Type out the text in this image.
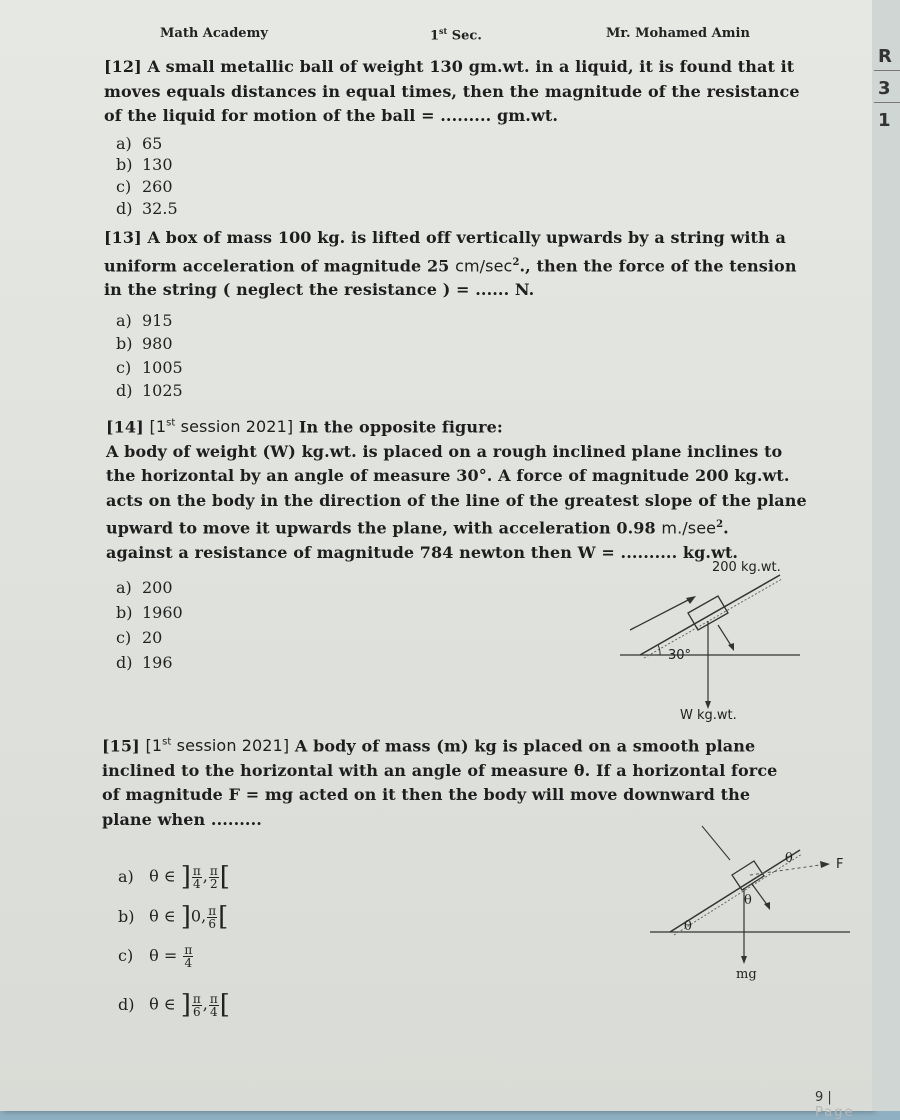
Math Academy	1st Sec.	Mr. Mohamed Amin
[12] A small metallic ball of weight 130 gm.wt. in a liquid, it is found that it
moves equals distances in equal times, then the magnitude of the resistance
of the liquid for motion of the ball = ......... gm.wt.
a) 65
b) 130
c) 260
d) 32.5
[13] A box of mass 100 kg. is lifted off vertically upwards by a string with a
uniform acceleration of magnitude 25 $cm/\sec^2$., then the force of the tension
in the string ( neglect the resistance ) = ...... N.
a) 915
b) 980
c) 1005
d) 1025
[14] [1st session 2021] In the opposite figure:
A body of weight (W) kg.wt. is placed on a rough inclined plane inclines to
the horizontal by an angle of measure 30°. A force of magnitude 200 kg.wt.
acts on the body in the direction of the line of the greatest slope of the plane
upward to move it upwards the plane, with acceleration 0.98 m./see$^2$.
against a resistance of magnitude 784 newton then W = .......... kg.wt.
a) 200
b) 1960
c) 20
d) 196
200 kg.wt.
30°
W kg.wt.
[15] [1st session 2021] A body of mass (m) kg is placed on a smooth plane
inclined to the horizontal with an angle of measure θ. If a horizontal force
of magnitude F = mg acted on it then the body will move downward the
plane when .........
a) θ ∈ ] $\frac{\pi}{4}$ , $\frac{\pi}{2}$ [
b) θ ∈ ]0, $\frac{\pi}{6}$ [
c) $\theta = \frac{\pi}{4}$
d) θ ∈ ] $\frac{\pi}{6}$ , $\frac{\pi}{4}$ [
θ
θ
θ
F
mg
9 | Page
R
3
1
